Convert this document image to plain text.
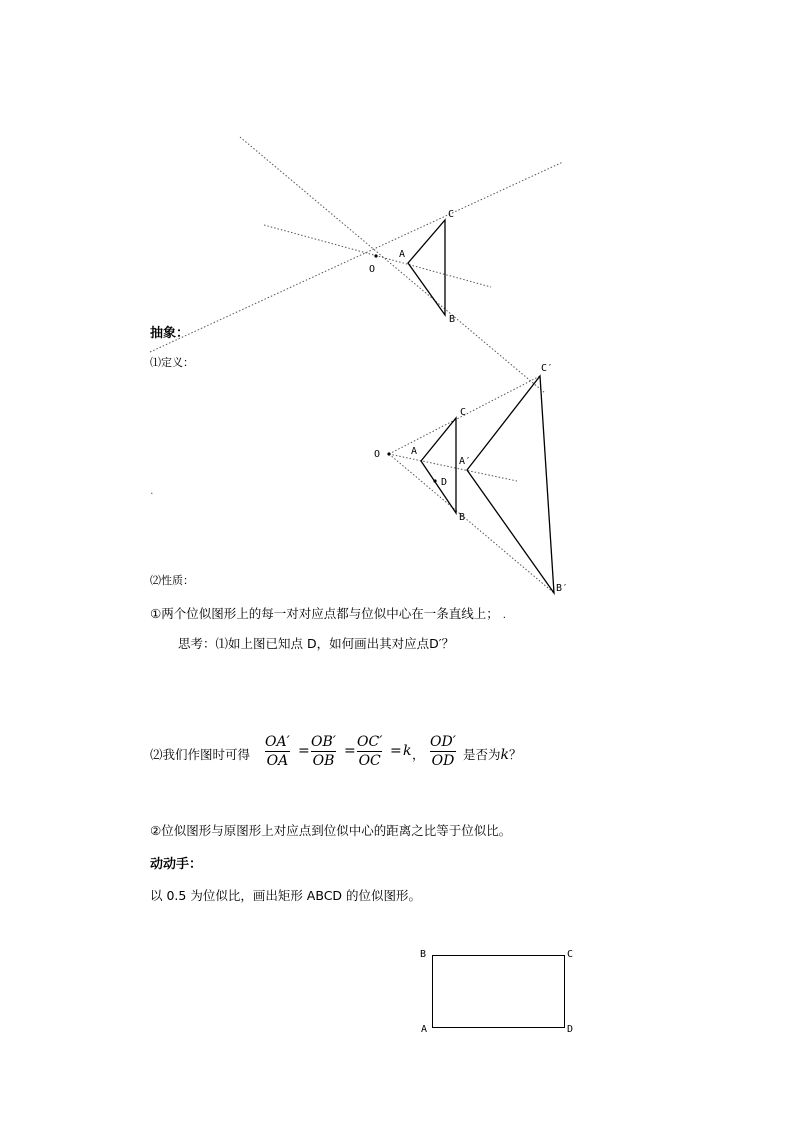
O
A
C
B
O	A
C
B
D
A′
C′
B′
抽象：
⑴定义：
.
⑵性质：
①两个位似图形上的每一对对应点都与位似中心在一条直线上； .
思考：⑴如上图已知点 D，如何画出其对应点D′？
⑵我们作图时可得
OA′
OA
=
OB′
OB
=
OC′
OC
= k ，
OD′
OD 是否为k？
②位似图形与原图形上对应点到位似中心的距离之比等于位似比。
动动手：
以 0.5 为位似比，画出矩形 ABCD 的位似图形。
B	C
A	D
